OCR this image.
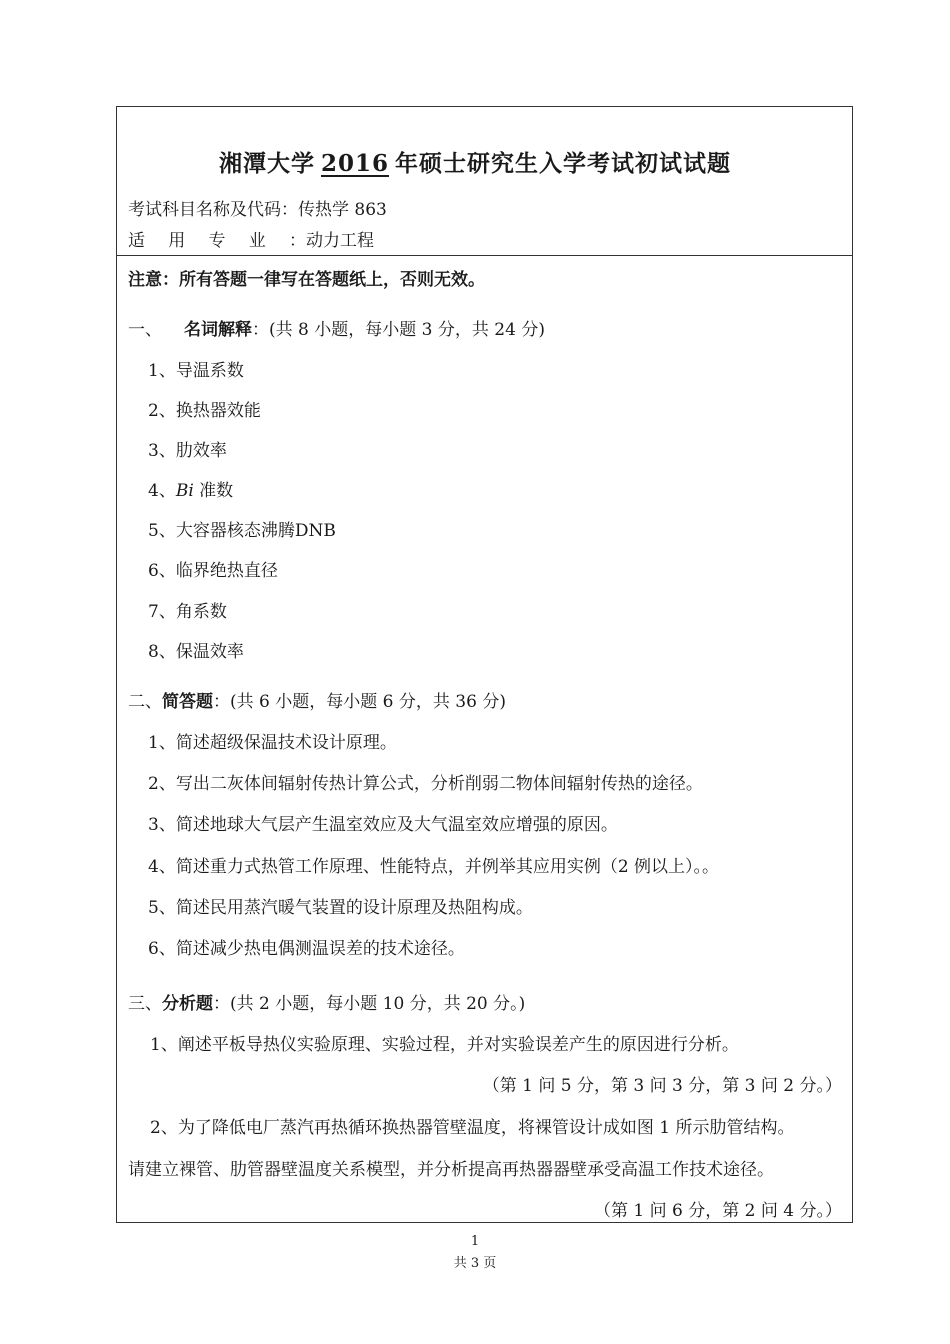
湘潭大学 2016 年硕士研究生入学考试初试试题
考试科目名称及代码：传热学 863
适用专业：动力工程
注意：所有答题一律写在答题纸上，否则无效。
一、 名词解释：(共 8 小题，每小题 3 分，共 24 分)
1、导温系数
2、换热器效能
3、肋效率
4、Bi 准数
5、大容器核态沸腾DNB
6、临界绝热直径
7、角系数
8、保温效率
二、简答题：(共 6 小题，每小题 6 分，共 36 分)
1、简述超级保温技术设计原理。
2、写出二灰体间辐射传热计算公式，分析削弱二物体间辐射传热的途径。
3、简述地球大气层产生温室效应及大气温室效应增强的原因。
4、简述重力式热管工作原理、性能特点，并例举其应用实例（2 例以上）。。
5、简述民用蒸汽暖气装置的设计原理及热阻构成。
6、简述减少热电偶测温误差的技术途径。
三、分析题：(共 2 小题，每小题 10 分，共 20 分。)
1、阐述平板导热仪实验原理、实验过程，并对实验误差产生的原因进行分析。
（第 1 问 5 分，第 3 问 3 分，第 3 问 2 分。）
2、为了降低电厂蒸汽再热循环换热器管壁温度，将裸管设计成如图 1 所示肋管结构。
请建立裸管、肋管器壁温度关系模型，并分析提高再热器器壁承受高温工作技术途径。
（第 1 问 6 分，第 2 问 4 分。）
1
共 3 页
